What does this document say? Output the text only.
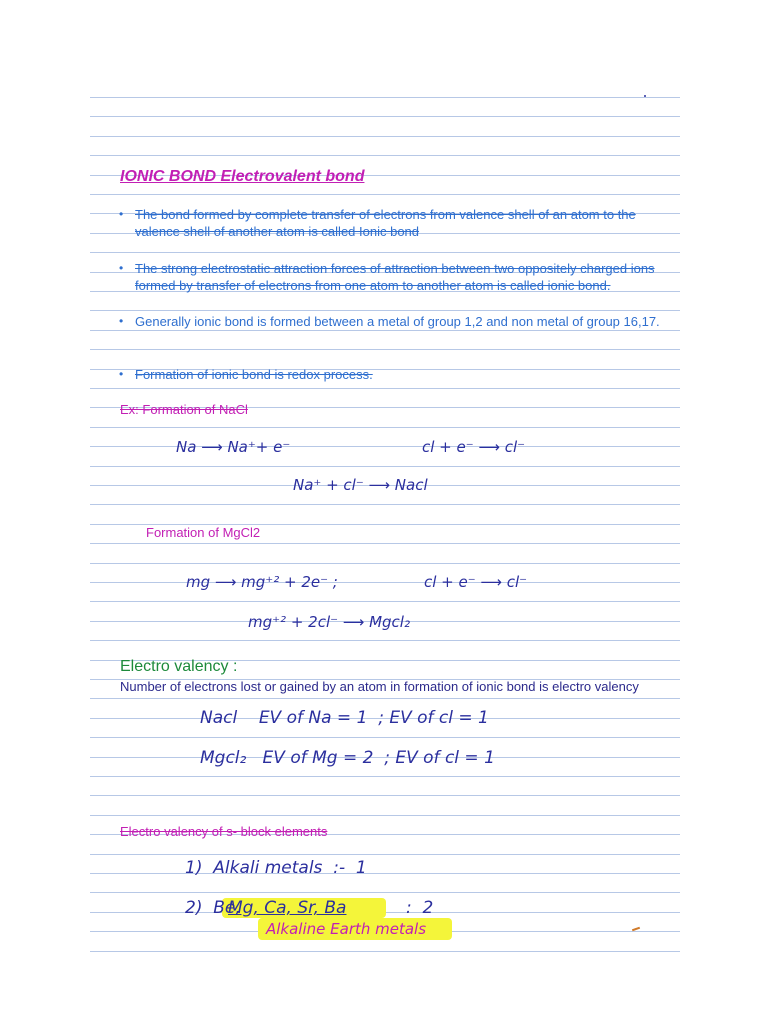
IONIC BOND Electrovalent bond
• The bond formed by complete transfer of electrons from valence shell of an atom to the valence shell of another atom is called Ionic bond
• The strong electrostatic attraction forces of attraction between two oppositely charged ions formed by transfer of electrons from one atom to another atom is called ionic bond.
• Generally ionic bond is formed between a metal of group 1,2 and non metal of group 16,17.
• Formation of ionic bond is redox process.

Ex: Formation of NaCl

Na ⟶ Na⁺+ e⁻	cl + e⁻ ⟶ cl⁻

Na⁺ + cl⁻ ⟶ Nacl

Formation of MgCl2

mg ⟶ mg⁺² + 2e⁻ ;	cl + e⁻ ⟶ cl⁻

mg⁺² + 2cl⁻ ⟶ Mgcl₂

Electro valency :

Number of electrons lost or gained by an atom in formation of ionic bond is electro valency

Nacl    EV of Na = 1  ; EV of cl = 1

Mgcl₂   EV of Mg = 2  ; EV of cl = 1

Electro valency of s- block elements

1)  Alkali metals  :-  1

2)  Be,

Mg, Ca, Sr, Ba	:  2

Alkaline Earth metals
